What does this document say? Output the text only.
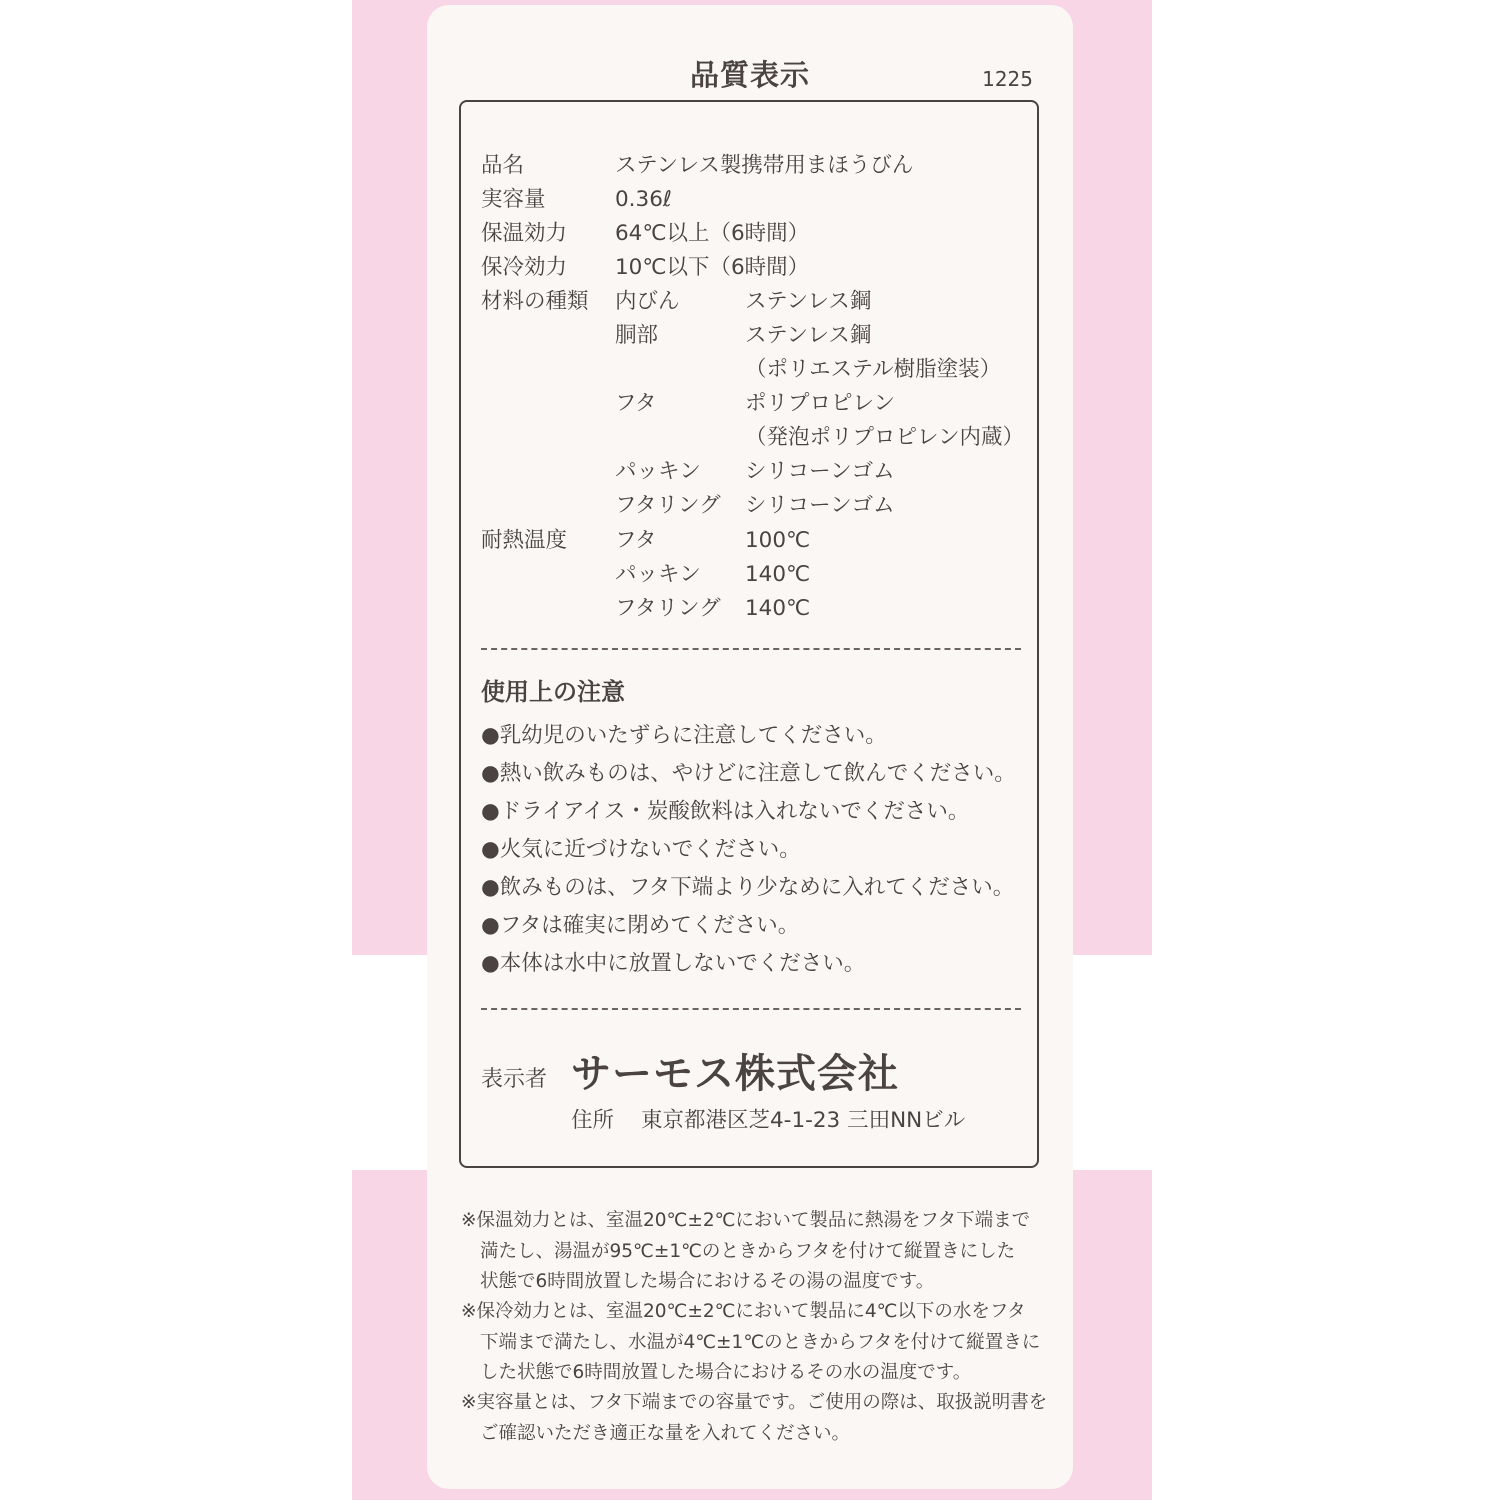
品質表示	1225
品名	ステンレス製携帯用まほうびん
実容量	0.36ℓ
保温効力 64℃以上（6時間）
保冷効力 10℃以下（6時間）
材料の種類 内びん	ステンレス鋼
胴部	ステンレス鋼
（ポリエステル樹脂塗装）
フタ	ポリプロピレン
（発泡ポリプロピレン内蔵）
パッキン シリコーンゴム
フタリング シリコーンゴム
耐熱温度 フタ	100℃
パッキン 140℃
フタリング 140℃
使用上の注意
●乳幼児のいたずらに注意してください。
●熱い飲みものは、やけどに注意して飲んでください。
●ドライアイス・炭酸飲料は入れないでください。
●火気に近づけないでください。
●飲みものは、フタ下端より少なめに入れてください。
●フタは確実に閉めてください。
●本体は水中に放置しないでください。
表示者 サーモス株式会社
住所 東京都港区芝4-1-23 三田NNビル
※保温効力とは、室温20℃±2℃において製品に熱湯をフタ下端まで
満たし、湯温が95℃±1℃のときからフタを付けて縦置きにした
状態で6時間放置した場合におけるその湯の温度です。
※保冷効力とは、室温20℃±2℃において製品に4℃以下の水をフタ
下端まで満たし、水温が4℃±1℃のときからフタを付けて縦置きに
した状態で6時間放置した場合におけるその水の温度です。
※実容量とは、フタ下端までの容量です。ご使用の際は、取扱説明書を
ご確認いただき適正な量を入れてください。
